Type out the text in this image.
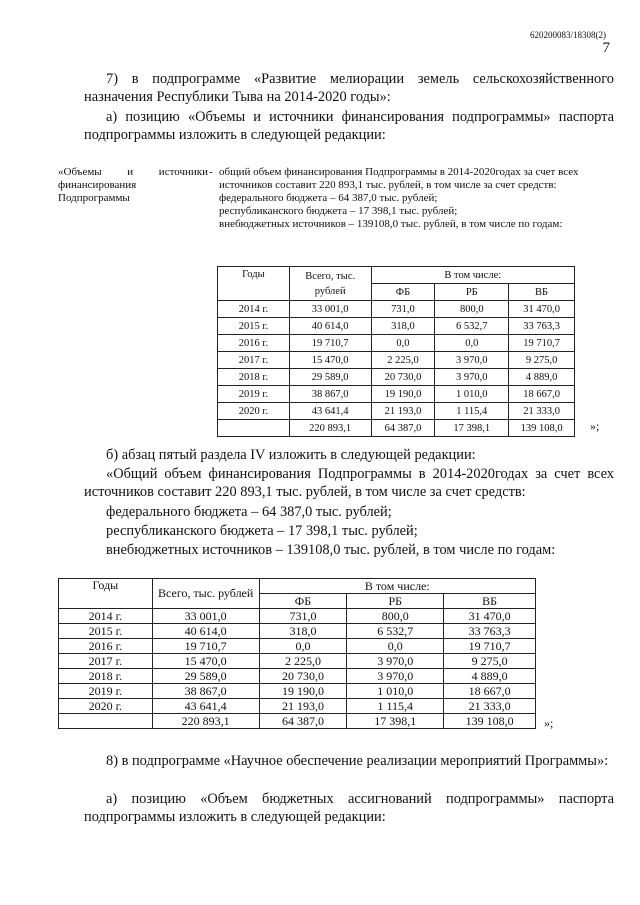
620200083/18308(2)
7
7) в подпрограмме «Развитие мелиорации земель сельскохозяйственного назначения Республики Тыва на 2014-2020 годы»:
а) позицию «Объемы и источники финансирования подпрограммы» паспорта подпрограммы изложить в следующей редакции:
«Объемы и источники финансирования Подпрограммы
- общий объем финансирования Подпрограммы в 2014-2020годах за счет всех источников составит 220 893,1 тыс. рублей, в том числе за счет средств:
федерального бюджета – 64 387,0 тыс. рублей;
республиканского бюджета – 17 398,1 тыс. рублей;
внебюджетных источников – 139108,0 тыс. рублей, в том числе по годам:
Годы	Всего, тыс. рублей	В том числе:		
		ФБ	РБ	ВБ
2014 г.	33 001,0	731,0	800,0	31 470,0
2015 г.	40 614,0	318,0	6 532,7	33 763,3
2016 г.	19 710,7	0,0	0,0	19 710,7
2017 г.	15 470,0	2 225,0	3 970,0	9 275,0
2018 г.	29 589,0	20 730,0	3 970,0	4 889,0
2019 г.	38 867,0	19 190,0	1 010,0	18 667,0
2020 г.	43 641,4	21 193,0	1 115,4	21 333,0
	220 893,1	64 387,0	17 398,1	139 108,0 »;
б) абзац пятый раздела IV изложить в следующей редакции:
«Общий объем финансирования Подпрограммы в 2014-2020годах за счет всех источников составит 220 893,1 тыс. рублей, в том числе за счет средств:
федерального бюджета – 64 387,0 тыс. рублей;
республиканского бюджета – 17 398,1 тыс. рублей;
внебюджетных источников – 139108,0 тыс. рублей, в том числе по годам:
Годы	Всего, тыс. рублей	В том числе:		
		ФБ	РБ	ВБ
2014 г.	33 001,0	731,0	800,0	31 470,0
2015 г.	40 614,0	318,0	6 532,7	33 763,3
2016 г.	19 710,7	0,0	0,0	19 710,7
2017 г.	15 470,0	2 225,0	3 970,0	9 275,0
2018 г.	29 589,0	20 730,0	3 970,0	4 889,0
2019 г.	38 867,0	19 190,0	1 010,0	18 667,0
2020 г.	43 641,4	21 193,0	1 115,4	21 333,0
	220 893,1	64 387,0	17 398,1	139 108,0	»;
8) в подпрограмме «Научное обеспечение реализации мероприятий Программы»:
а) позицию «Объем бюджетных ассигнований подпрограммы» паспорта подпрограммы изложить в следующей редакции:
